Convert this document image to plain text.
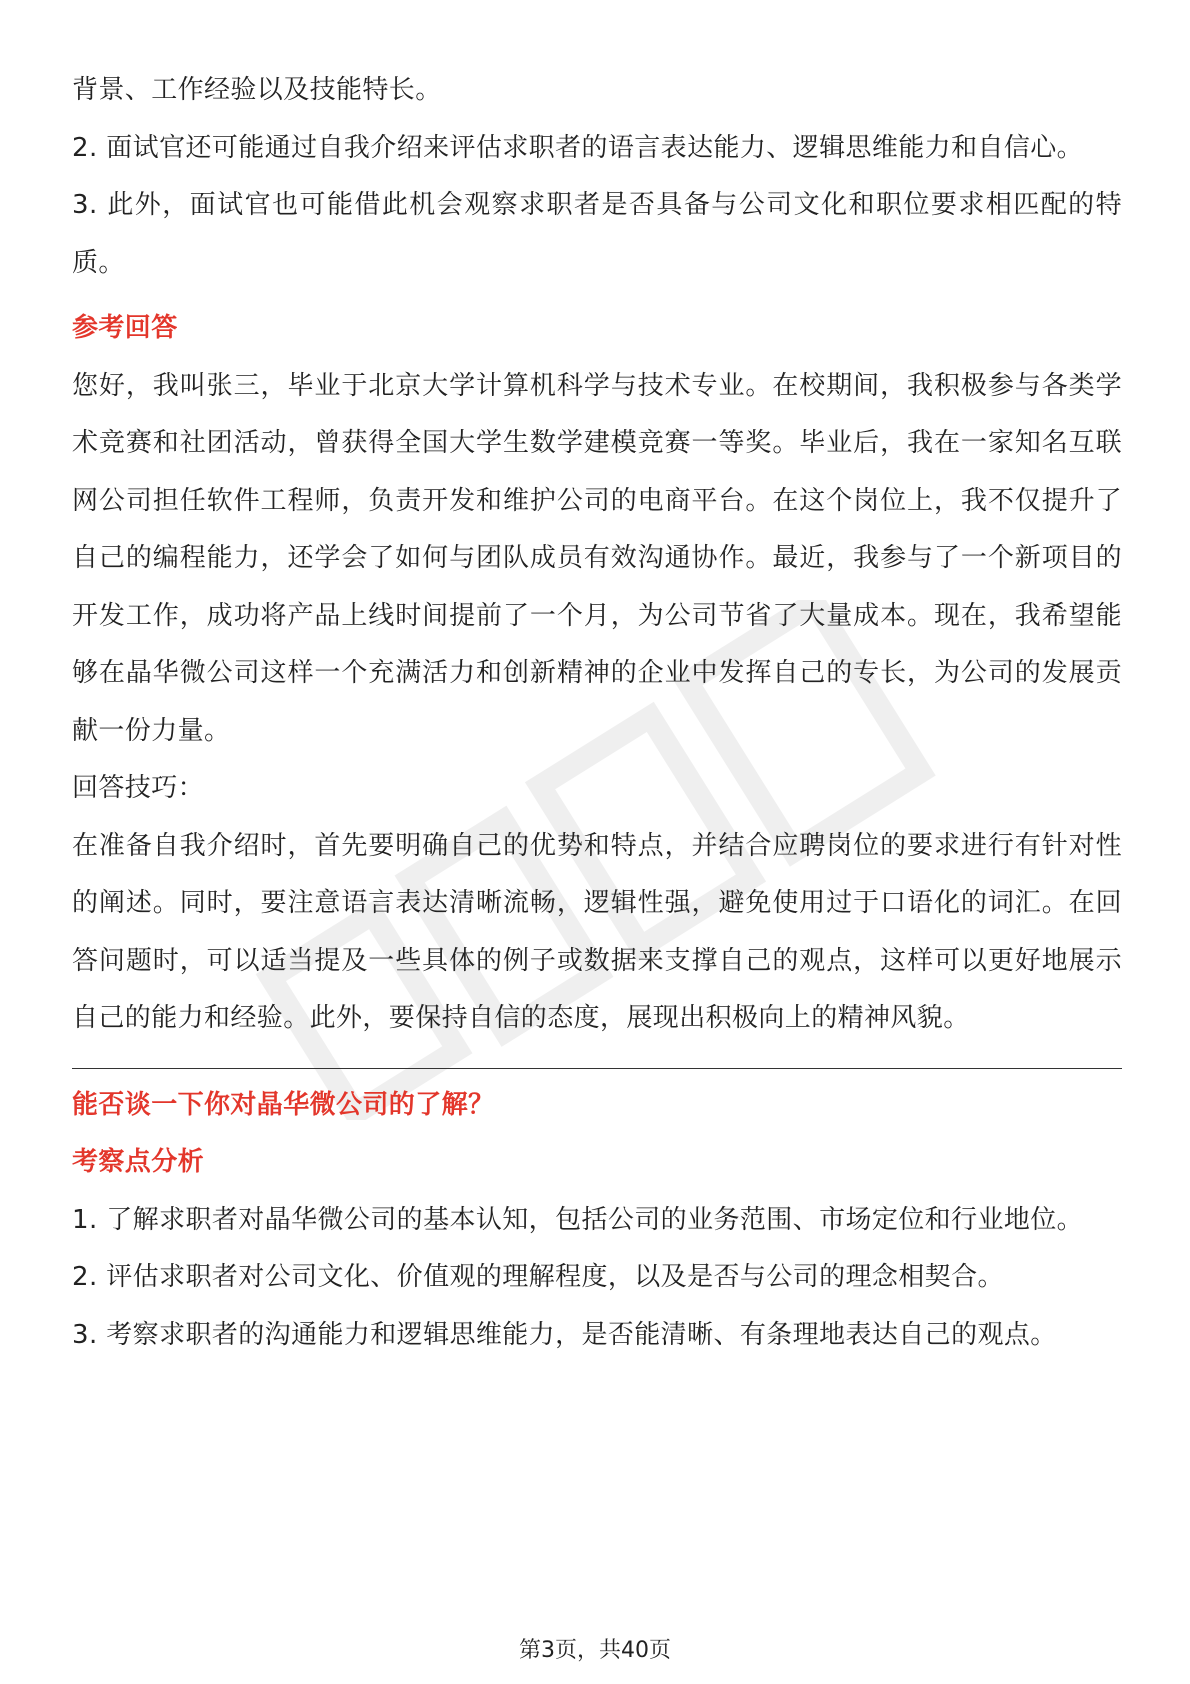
背景、工作经验以及技能特长。

2. 面试官还可能通过自我介绍来评估求职者的语言表达能力、逻辑思维能力和自信心。

3. 此外，面试官也可能借此机会观察求职者是否具备与公司文化和职位要求相匹配的特质。

参考回答

您好，我叫张三，毕业于北京大学计算机科学与技术专业。在校期间，我积极参与各类学术竞赛和社团活动，曾获得全国大学生数学建模竞赛一等奖。毕业后，我在一家知名互联网公司担任软件工程师，负责开发和维护公司的电商平台。在这个岗位上，我不仅提升了自己的编程能力，还学会了如何与团队成员有效沟通协作。最近，我参与了一个新项目的开发工作，成功将产品上线时间提前了一个月，为公司节省了大量成本。现在，我希望能够在晶华微公司这样一个充满活力和创新精神的企业中发挥自己的专长，为公司的发展贡献一份力量。

回答技巧：

在准备自我介绍时，首先要明确自己的优势和特点，并结合应聘岗位的要求进行有针对性的阐述。同时，要注意语言表达清晰流畅，逻辑性强，避免使用过于口语化的词汇。在回答问题时，可以适当提及一些具体的例子或数据来支撑自己的观点，这样可以更好地展示自己的能力和经验。此外，要保持自信的态度，展现出积极向上的精神风貌。

能否谈一下你对晶华微公司的了解？

考察点分析

1. 了解求职者对晶华微公司的基本认知，包括公司的业务范围、市场定位和行业地位。

2. 评估求职者对公司文化、价值观的理解程度，以及是否与公司的理念相契合。

3. 考察求职者的沟通能力和逻辑思维能力，是否能清晰、有条理地表达自己的观点。

第3页，共40页
